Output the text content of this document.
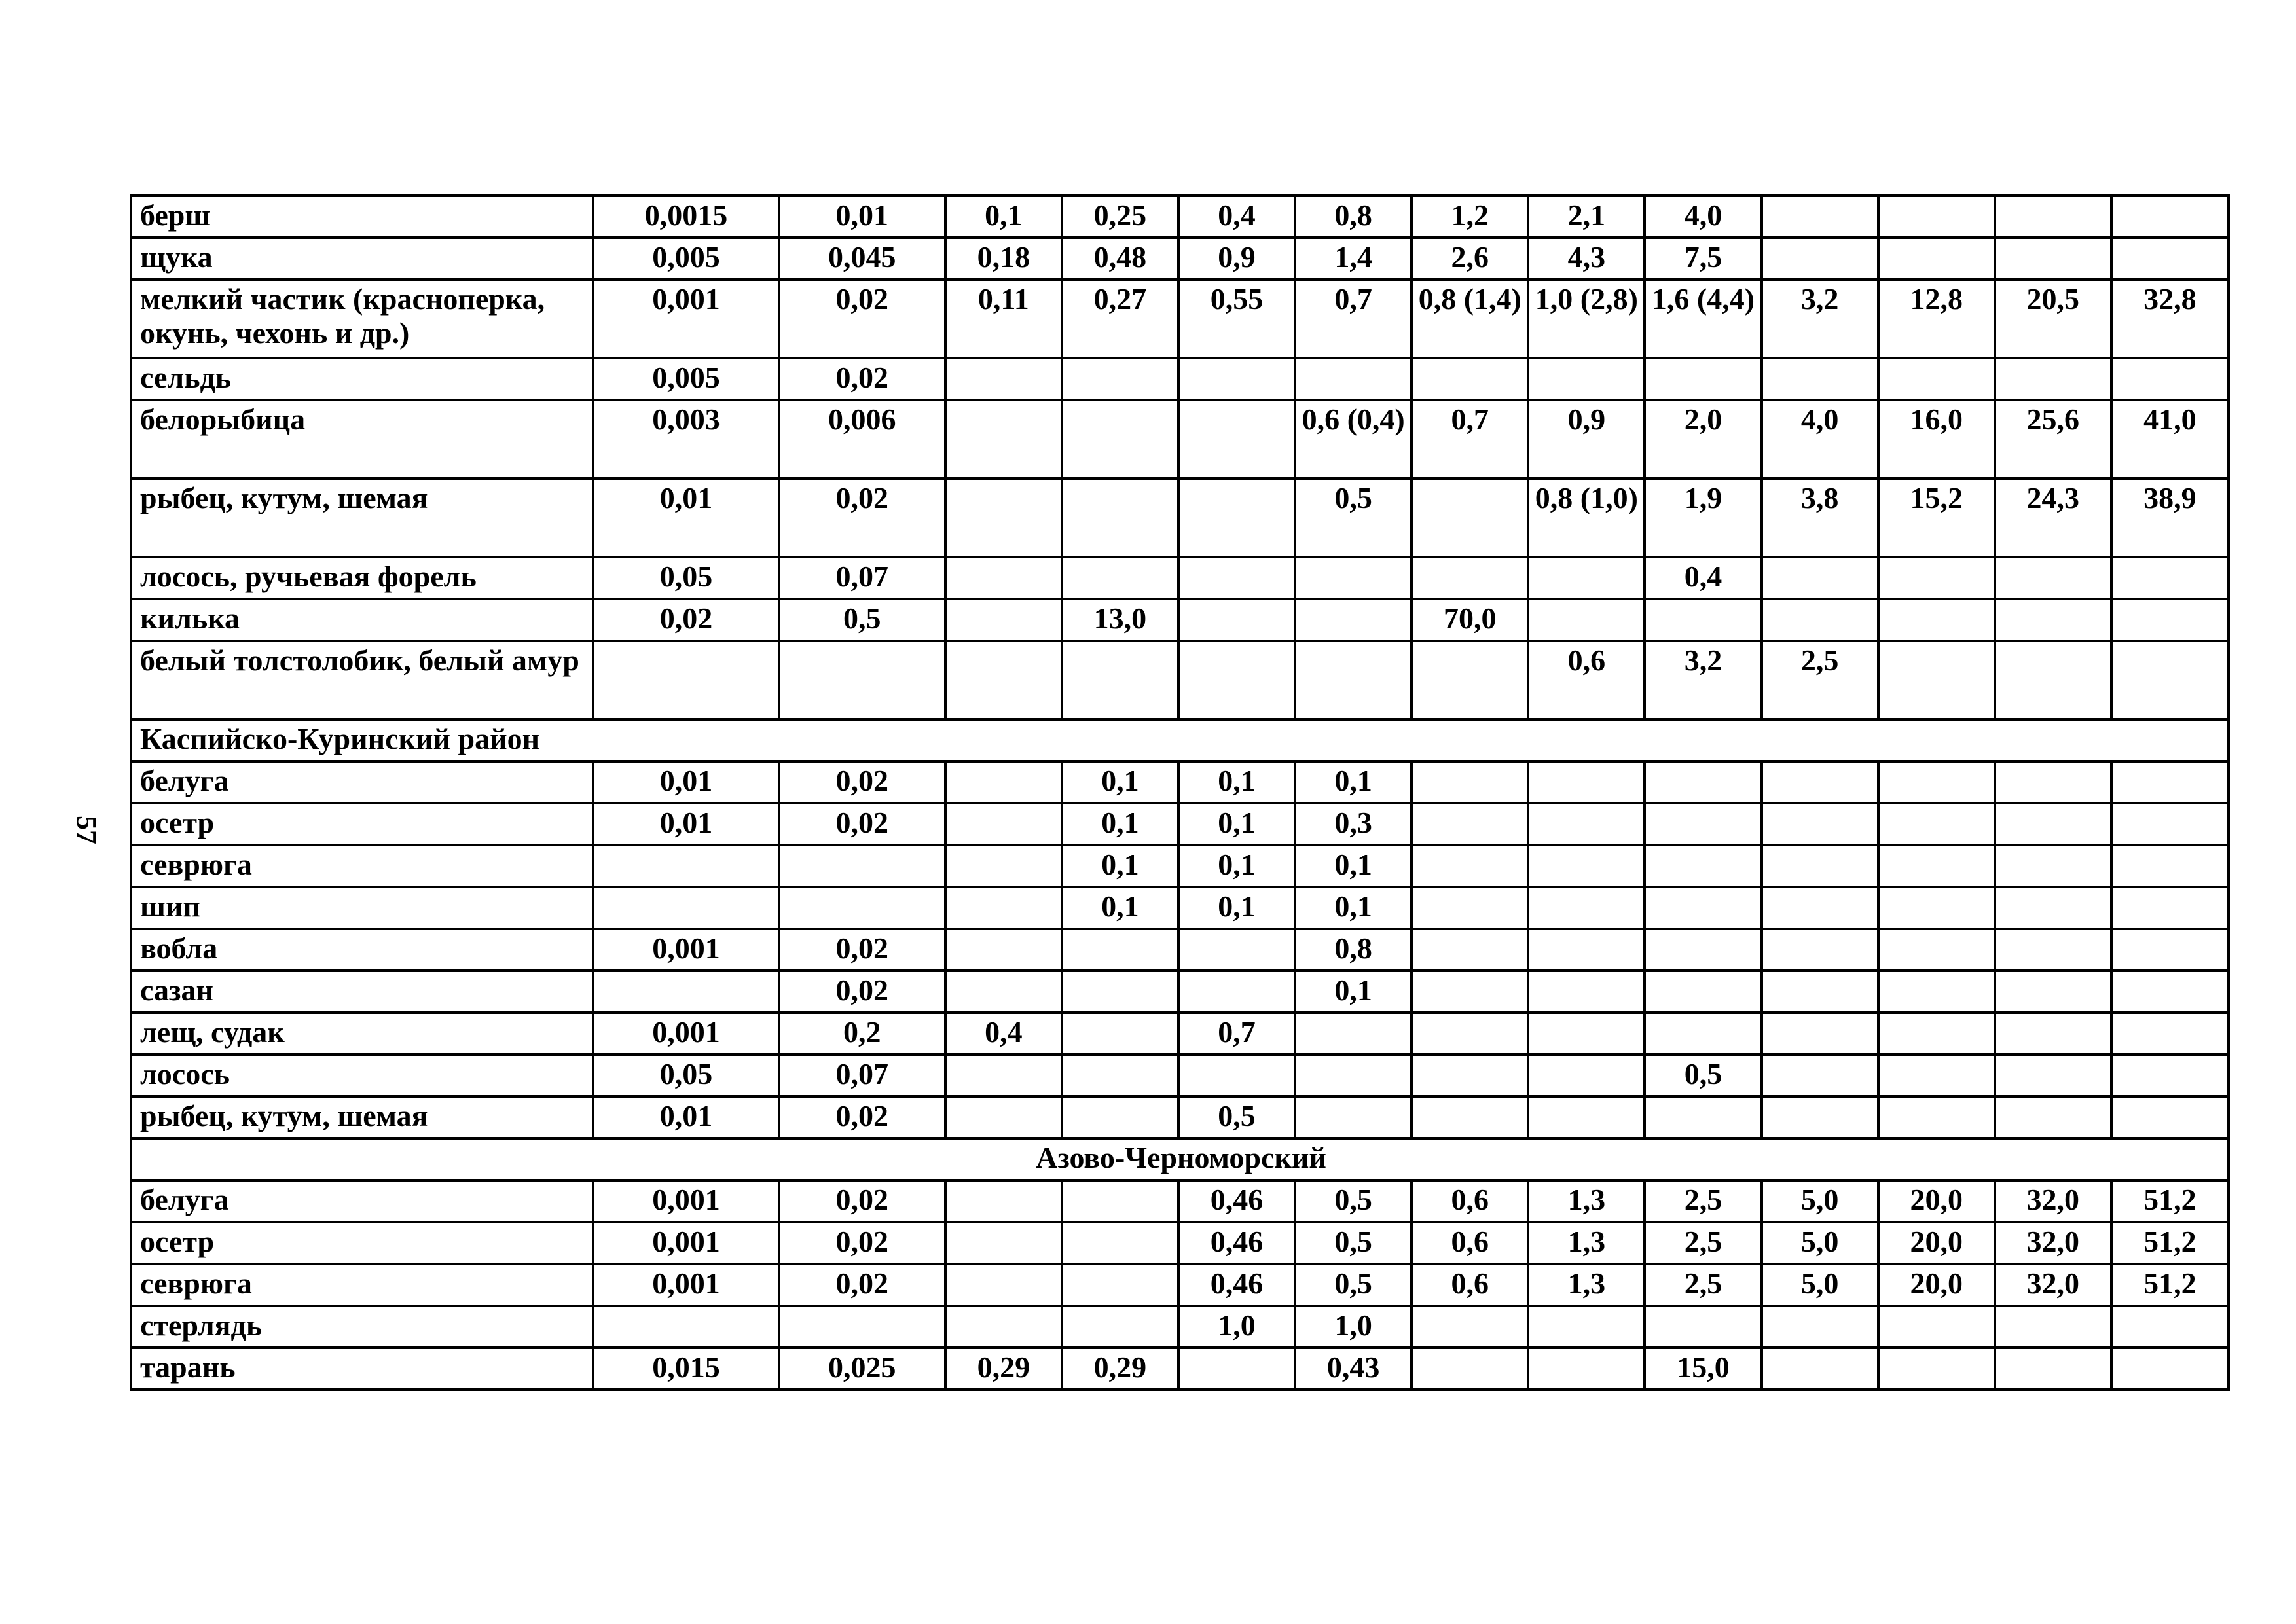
57
берш	0,0015	0,01	0,1	0,25	0,4	0,8	1,2	2,1	4,0				
щука	0,005	0,045	0,18	0,48	0,9	1,4	2,6	4,3	7,5				
мелкий частик (красноперка, окунь, чехонь и др.)	0,001	0,02	0,11	0,27	0,55	0,7	0,8 (1,4)	1,0 (2,8)	1,6 (4,4)	3,2	12,8	20,5	32,8
сельдь	0,005	0,02											
белорыбица	0,003	0,006				0,6 (0,4)	0,7	0,9	2,0	4,0	16,0	25,6	41,0
рыбец, кутум, шемая	0,01	0,02				0,5		0,8 (1,0)	1,9	3,8	15,2	24,3	38,9
лосось, ручьевая форель	0,05	0,07							0,4				
килька	0,02	0,5		13,0			70,0						
белый толстолобик, белый амур								0,6	3,2	2,5			
Каспийско-Куринский район													
белуга	0,01	0,02		0,1	0,1	0,1							
осетр	0,01	0,02		0,1	0,1	0,3							
севрюга				0,1	0,1	0,1							
шип				0,1	0,1	0,1							
вобла	0,001	0,02				0,8							
сазан		0,02				0,1							
лещ, судак	0,001	0,2	0,4		0,7								
лосось	0,05	0,07							0,5				
рыбец, кутум, шемая	0,01	0,02			0,5								
Азово-Черноморский													
белуга	0,001	0,02			0,46	0,5	0,6	1,3	2,5	5,0	20,0	32,0	51,2
осетр	0,001	0,02			0,46	0,5	0,6	1,3	2,5	5,0	20,0	32,0	51,2
севрюга	0,001	0,02			0,46	0,5	0,6	1,3	2,5	5,0	20,0	32,0	51,2
стерлядь					1,0	1,0							
тарань	0,015	0,025	0,29	0,29		0,43			15,0				
